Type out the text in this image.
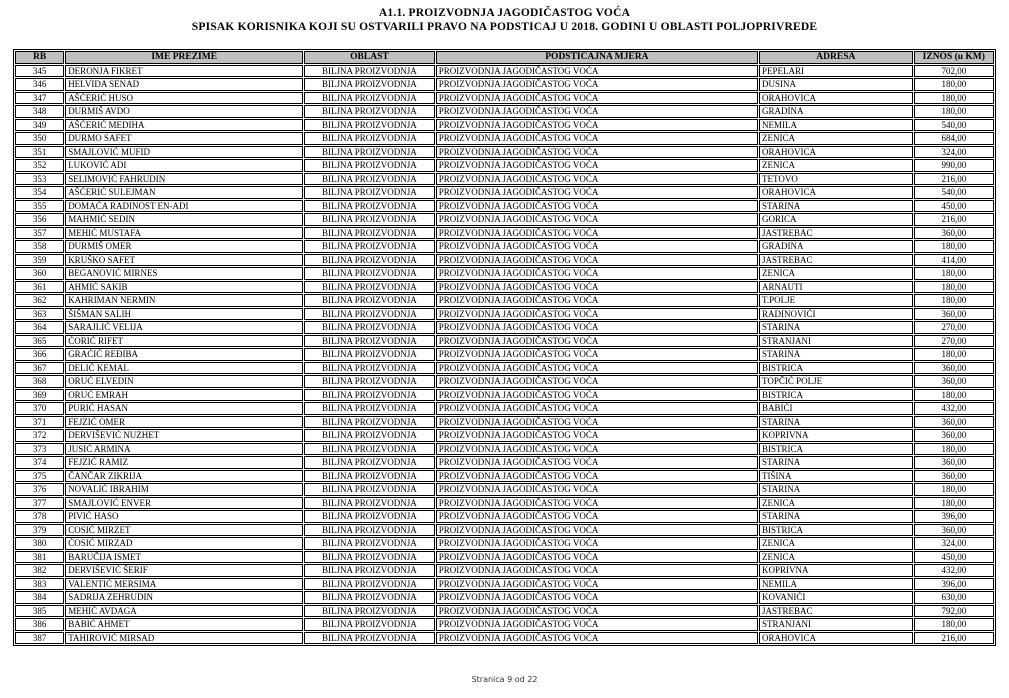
A1.1. PROIZVODNJA JAGODIČASTOG VOĆA
SPISAK KORISNIKA KOJI SU OSTVARILI PRAVO NA PODSTICAJ U 2018. GODINI U OBLASTI POLJOPRIVREDE
RB	IME PREZIME	OBLAST	PODSTICAJNA MJERA	ADRESA	IZNOS (u KM)
345	DERONJA FIKRET	BILJNA PROIZVODNJA	PROIZVODNJA JAGODIČASTOG VOĆA	PEPELARI	702,00
346	HELVIDA SENAD	BILJNA PROIZVODNJA	PROIZVODNJA JAGODIČASTOG VOĆA	DUSINA	180,00
347	AŠĆERIĆ HUSO	BILJNA PROIZVODNJA	PROIZVODNJA JAGODIČASTOG VOĆA	ORAHOVICA	180,00
348	DURMIŠ AVDO	BILJNA PROIZVODNJA	PROIZVODNJA JAGODIČASTOG VOĆA	GRADINA	180,00
349	AŠĆERIĆ MEDIHA	BILJNA PROIZVODNJA	PROIZVODNJA JAGODIČASTOG VOĆA	NEMILA	540,00
350	DURMO SAFET	BILJNA PROIZVODNJA	PROIZVODNJA JAGODIČASTOG VOĆA	ZENICA	684,00
351	SMAJLOVIĆ MUFID	BILJNA PROIZVODNJA	PROIZVODNJA JAGODIČASTOG VOĆA	ORAHOVICA	324,00
352	LUKOVIĆ ADI	BILJNA PROIZVODNJA	PROIZVODNJA JAGODIČASTOG VOĆA	ZENICA	990,00
353	SELIMOVIĆ FAHRUDIN	BILJNA PROIZVODNJA	PROIZVODNJA JAGODIČASTOG VOĆA	TETOVO	216,00
354	AŠĆERIĆ SULEJMAN	BILJNA PROIZVODNJA	PROIZVODNJA JAGODIČASTOG VOĆA	ORAHOVICA	540,00
355	DOMAĆA RADINOST EN-ADI	BILJNA PROIZVODNJA	PROIZVODNJA JAGODIČASTOG VOĆA	STARINA	450,00
356	MAHMIĆ SEDIN	BILJNA PROIZVODNJA	PROIZVODNJA JAGODIČASTOG VOĆA	GORICA	216,00
357	MEHIĆ MUSTAFA	BILJNA PROIZVODNJA	PROIZVODNJA JAGODIČASTOG VOĆA	JASTREBAC	360,00
358	DURMIŠ OMER	BILJNA PROIZVODNJA	PROIZVODNJA JAGODIČASTOG VOĆA	GRADINA	180,00
359	KRUŠKO SAFET	BILJNA PROIZVODNJA	PROIZVODNJA JAGODIČASTOG VOĆA	JASTREBAC	414,00
360	BEGANOVIĆ MIRNES	BILJNA PROIZVODNJA	PROIZVODNJA JAGODIČASTOG VOĆA	ZENICA	180,00
361	AHMIĆ SAKIB	BILJNA PROIZVODNJA	PROIZVODNJA JAGODIČASTOG VOĆA	ARNAUTI	180,00
362	KAHRIMAN NERMIN	BILJNA PROIZVODNJA	PROIZVODNJA JAGODIČASTOG VOĆA	T.POLJE	180,00
363	ŠIŠMAN SALIH	BILJNA PROIZVODNJA	PROIZVODNJA JAGODIČASTOG VOĆA	RADINOVIĆI	360,00
364	SARAJLIĆ VELIJA	BILJNA PROIZVODNJA	PROIZVODNJA JAGODIČASTOG VOĆA	STARINA	270,00
365	ĆORIĆ RIFET	BILJNA PROIZVODNJA	PROIZVODNJA JAGODIČASTOG VOĆA	STRANJANI	270,00
366	GRAĆIĆ REĐIBA	BILJNA PROIZVODNJA	PROIZVODNJA JAGODIČASTOG VOĆA	STARINA	180,00
367	DELIĆ KEMAL	BILJNA PROIZVODNJA	PROIZVODNJA JAGODIČASTOG VOĆA	BISTRICA	360,00
368	ORUĆ ELVEDIN	BILJNA PROIZVODNJA	PROIZVODNJA JAGODIČASTOG VOĆA	TOPČIĆ POLJE	360,00
369	ORUĆ EMRAH	BILJNA PROIZVODNJA	PROIZVODNJA JAGODIČASTOG VOĆA	BISTRICA	180,00
370	PURIĆ HASAN	BILJNA PROIZVODNJA	PROIZVODNJA JAGODIČASTOG VOĆA	BABIĆI	432,00
371	FEJZIĆ OMER	BILJNA PROIZVODNJA	PROIZVODNJA JAGODIČASTOG VOĆA	STARINA	360,00
372	DERVIŠEVIĆ NUZHET	BILJNA PROIZVODNJA	PROIZVODNJA JAGODIČASTOG VOĆA	KOPRIVNA	360,00
373	JUSIĆ ARMINA	BILJNA PROIZVODNJA	PROIZVODNJA JAGODIČASTOG VOĆA	BISTRICA	180,00
374	FEJZIĆ RAMIZ	BILJNA PROIZVODNJA	PROIZVODNJA JAGODIČASTOG VOĆA	STARINA	360,00
375	ČANČAR ZIKRIJA	BILJNA PROIZVODNJA	PROIZVODNJA JAGODIČASTOG VOĆA	TIŠINA	360,00
376	NOVALIĆ IBRAHIM	BILJNA PROIZVODNJA	PROIZVODNJA JAGODIČASTOG VOĆA	STARINA	180,00
377	SMAJLOVIĆ ENVER	BILJNA PROIZVODNJA	PROIZVODNJA JAGODIČASTOG VOĆA	ZENICA	180,00
378	PIVIĆ HASO	BILJNA PROIZVODNJA	PROIZVODNJA JAGODIČASTOG VOĆA	STARINA	396,00
379	COSIĆ MIRZET	BILJNA PROIZVODNJA	PROIZVODNJA JAGODIČASTOG VOĆA	BISTRICA	360,00
380	ĆOSIĆ MIRZAD	BILJNA PROIZVODNJA	PROIZVODNJA JAGODIČASTOG VOĆA	ZENICA	324,00
381	BARUČIJA ISMET	BILJNA PROIZVODNJA	PROIZVODNJA JAGODIČASTOG VOĆA	ZENICA	450,00
382	DERVIŠEVIĆ ŠERIF	BILJNA PROIZVODNJA	PROIZVODNJA JAGODIČASTOG VOĆA	KOPRIVNA	432,00
383	VALENTIĆ MERSIMA	BILJNA PROIZVODNJA	PROIZVODNJA JAGODIČASTOG VOĆA	NEMILA	396,00
384	SADRIJA ZEHRUDIN	BILJNA PROIZVODNJA	PROIZVODNJA JAGODIČASTOG VOĆA	KOVANIĆI	630,00
385	MEHIĆ AVDAGA	BILJNA PROIZVODNJA	PROIZVODNJA JAGODIČASTOG VOĆA	JASTREBAC	792,00
386	BABIĆ AHMET	BILJNA PROIZVODNJA	PROIZVODNJA JAGODIČASTOG VOĆA	STRANJANI	180,00
387	TAHIROVIĆ MIRSAD	BILJNA PROIZVODNJA	PROIZVODNJA JAGODIČASTOG VOĆA	ORAHOVICA	216,00
Stranica 9 od 22
